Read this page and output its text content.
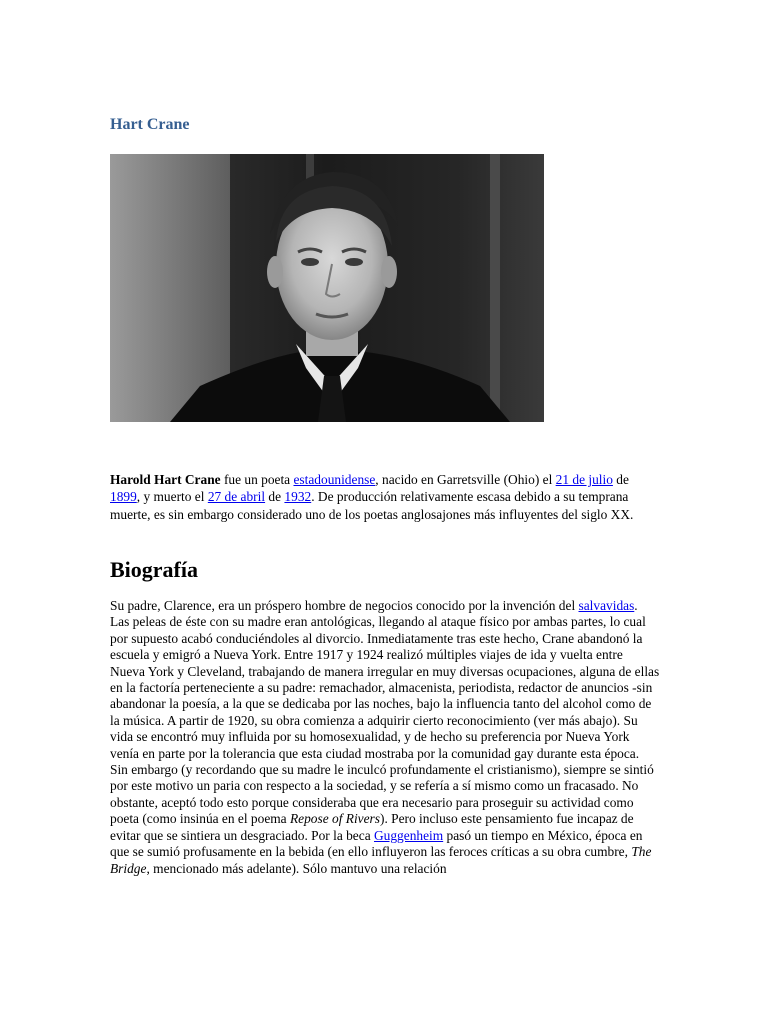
Hart Crane

Harold Hart Crane fue un poeta estadounidense, nacido en Garretsville (Ohio) el 21 de julio de 1899, y muerto el 27 de abril de 1932. De producción relativamente escasa debido a su temprana muerte, es sin embargo considerado uno de los poetas anglosajones más influyentes del siglo XX.

Biografía

Su padre, Clarence, era un próspero hombre de negocios conocido por la invención del salvavidas. Las peleas de éste con su madre eran antológicas, llegando al ataque físico por ambas partes, lo cual por supuesto acabó conduciéndoles al divorcio. Inmediatamente tras este hecho, Crane abandonó la escuela y emigró a Nueva York. Entre 1917 y 1924 realizó múltiples viajes de ida y vuelta entre Nueva York y Cleveland, trabajando de manera irregular en muy diversas ocupaciones, alguna de ellas en la factoría perteneciente a su padre: remachador, almacenista, periodista, redactor de anuncios -sin abandonar la poesía, a la que se dedicaba por las noches, bajo la influencia tanto del alcohol como de la música. A partir de 1920, su obra comienza a adquirir cierto reconocimiento (ver más abajo). Su vida se encontró muy influida por su homosexualidad, y de hecho su preferencia por Nueva York venía en parte por la tolerancia que esta ciudad mostraba por la comunidad gay durante esta época. Sin embargo (y recordando que su madre le inculcó profundamente el cristianismo), siempre se sintió por este motivo un paria con respecto a la sociedad, y se refería a sí mismo como un fracasado. No obstante, aceptó todo esto porque consideraba que era necesario para proseguir su actividad como poeta (como insinúa en el poema Repose of Rivers). Pero incluso este pensamiento fue incapaz de evitar que se sintiera un desgraciado. Por la beca Guggenheim pasó un tiempo en México, época en que se sumió profusamente en la bebida (en ello influyeron las feroces críticas a su obra cumbre, The Bridge, mencionado más adelante). Sólo mantuvo una relación
